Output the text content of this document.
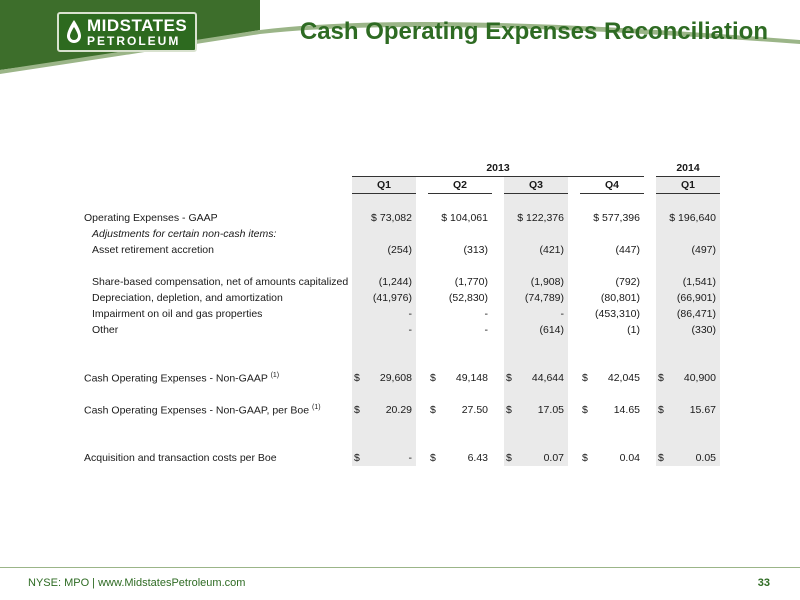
MIDSTATES
PETROLEUM	Cash Operating Expenses Reconciliation
	2013								2014
	Q1		Q2		Q3		Q4		Q1

Operating Expenses - GAAP	$ 73,082		$ 104,061		$ 122,376		$ 577,396		$ 196,640

Adjustments for certain non-cash items:									
Asset retirement accretion	(254)		(313)		(421)		(447)		(497)

Share-based compensation, net of amounts capitalized	(1,244)		(1,770)		(1,908)		(792)		(1,541)
Depreciation, depletion, and amortization	(41,976)		(52,830)		(74,789)		(80,801)		(66,901)
Impairment on oil and gas properties	-		-		-		(453,310)		(86,471)
Other	-		-		(614)		(1)		(330)

Cash Operating Expenses - Non-GAAP $^{(1)}$	$ 29,608		$ 49,148		$ 44,644		$ 42,045		$ 40,900

Cash Operating Expenses - Non-GAAP, per Boe $^{(1)}$	$ 20.29		$ 27.50		$ 17.05		$ 14.65		$ 15.67

Acquisition and transaction costs per Boe	$ -		$ 6.43		$ 0.07		$ 0.04		$ 0.05
NYSE: MPO | www.MidstatesPetroleum.com	33
